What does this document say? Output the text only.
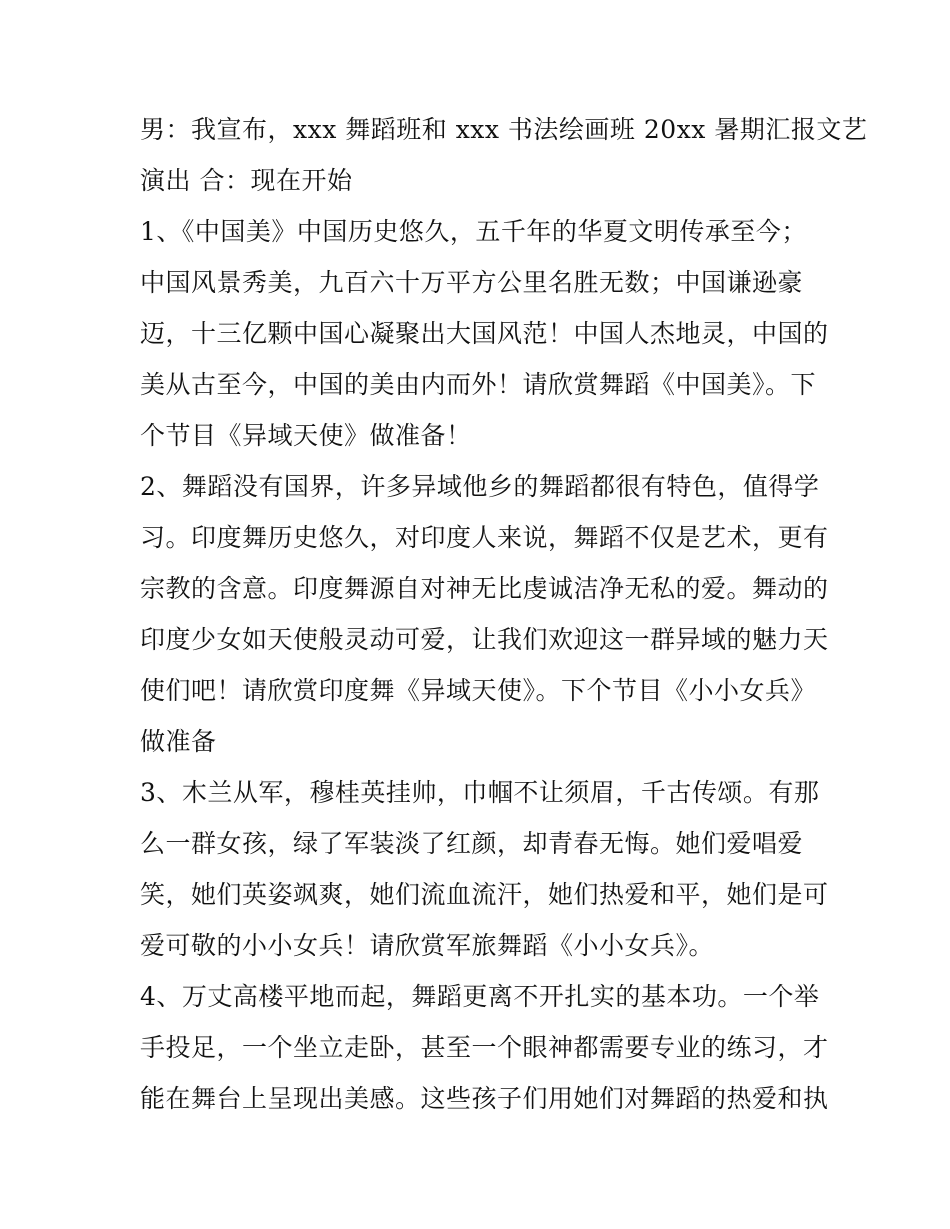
男：我宣布，xxx 舞蹈班和 xxx 书法绘画班 20xx 暑期汇报文艺
演出 合：现在开始
1、《中国美》中国历史悠久，五千年的华夏文明传承至今；
中国风景秀美，九百六十万平方公里名胜无数；中国谦逊豪
迈，十三亿颗中国心凝聚出大国风范！中国人杰地灵，中国的
美从古至今，中国的美由内而外！请欣赏舞蹈《中国美》。下
个节目《异域天使》做准备！
2、舞蹈没有国界，许多异域他乡的舞蹈都很有特色，值得学
习。印度舞历史悠久，对印度人来说，舞蹈不仅是艺术，更有
宗教的含意。印度舞源自对神无比虔诚洁净无私的爱。舞动的
印度少女如天使般灵动可爱，让我们欢迎这一群异域的魅力天
使们吧！请欣赏印度舞《异域天使》。下个节目《小小女兵》
做准备
3、木兰从军，穆桂英挂帅，巾帼不让须眉，千古传颂。有那
么一群女孩，绿了军装淡了红颜，却青春无悔。她们爱唱爱
笑，她们英姿飒爽，她们流血流汗，她们热爱和平，她们是可
爱可敬的小小女兵！请欣赏军旅舞蹈《小小女兵》。
4、万丈高楼平地而起，舞蹈更离不开扎实的基本功。一个举
手投足，一个坐立走卧，甚至一个眼神都需要专业的练习，才
能在舞台上呈现出美感。这些孩子们用她们对舞蹈的热爱和执
